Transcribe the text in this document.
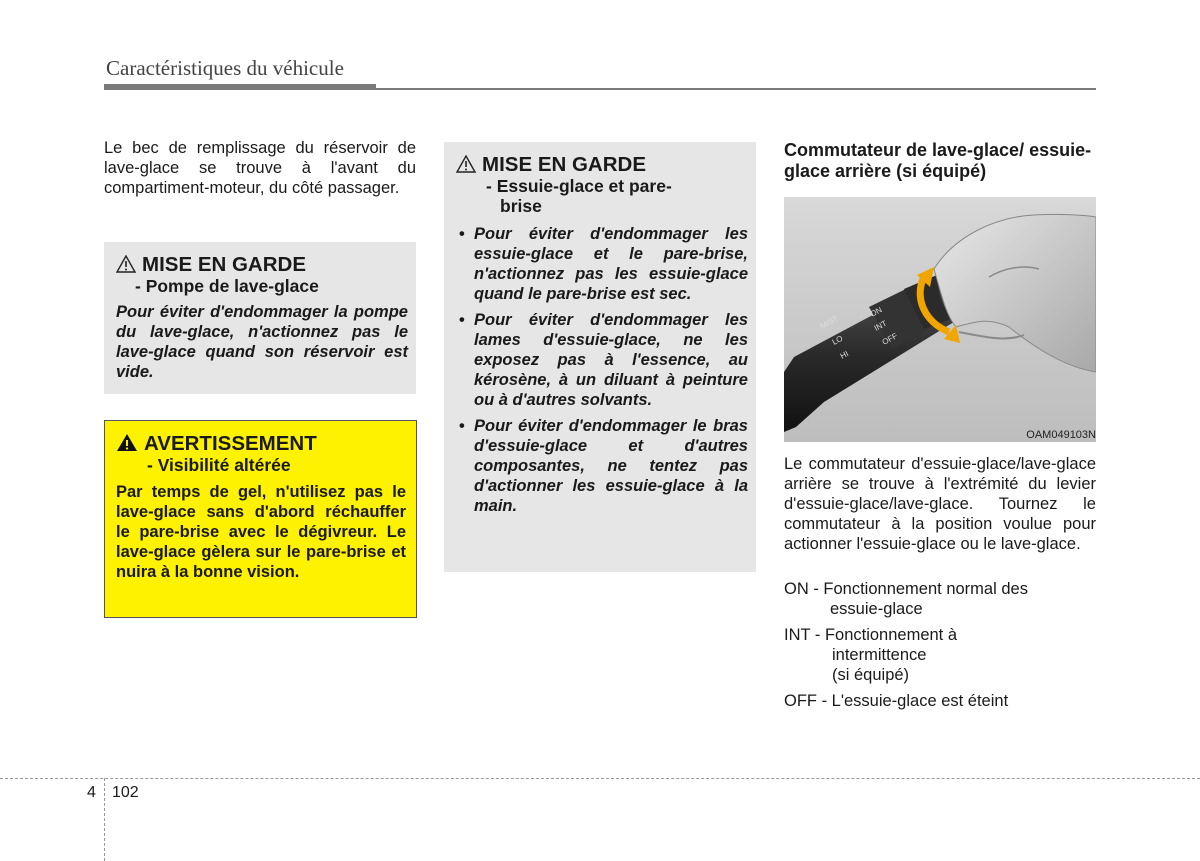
Caractéristiques du véhicule
Le bec de remplissage du réservoir de lave-glace se trouve à l'avant du compartiment-moteur, du côté passager.
MISE EN GARDE
- Pompe de lave-glace
Pour éviter d'endommager la pompe du lave-glace, n'actionnez pas le lave-glace quand son réservoir est vide.
AVERTISSEMENT
- Visibilité altérée
Par temps de gel, n'utilisez pas le lave-glace sans d'abord réchauffer le pare-brise avec le dégivreur. Le lave-glace gèlera sur le pare-brise et nuira à la bonne vision.
MISE EN GARDE
- Essuie-glace et pare-
brise
• Pour éviter d'endommager les essuie-glace et le pare-brise, n'actionnez pas les essuie-glace quand le pare-brise est sec.
• Pour éviter d'endommager les lames d'essuie-glace, ne les exposez pas à l'essence, au kérosène, à un diluant à peinture ou à d'autres solvants.
• Pour éviter d'endommager le bras d'essuie-glace et d'autres composantes, ne tentez pas d'actionner les essuie-glace à la main.
Commutateur de lave-glace/ essuie-glace arrière (si équipé)
MIST
ON
INT
OFF
LO
HI
OAM049103N
Le commutateur d'essuie-glace/lave-glace arrière se trouve à l'extrémité du levier d'essuie-glace/lave-glace. Tournez le commutateur à la position voulue pour actionner l'essuie-glace ou le lave-glace.
ON - Fonctionnement normal des
essuie-glace
INT - Fonctionnement à
intermittence
(si équipé)
OFF - L'essuie-glace est éteint
4 102
